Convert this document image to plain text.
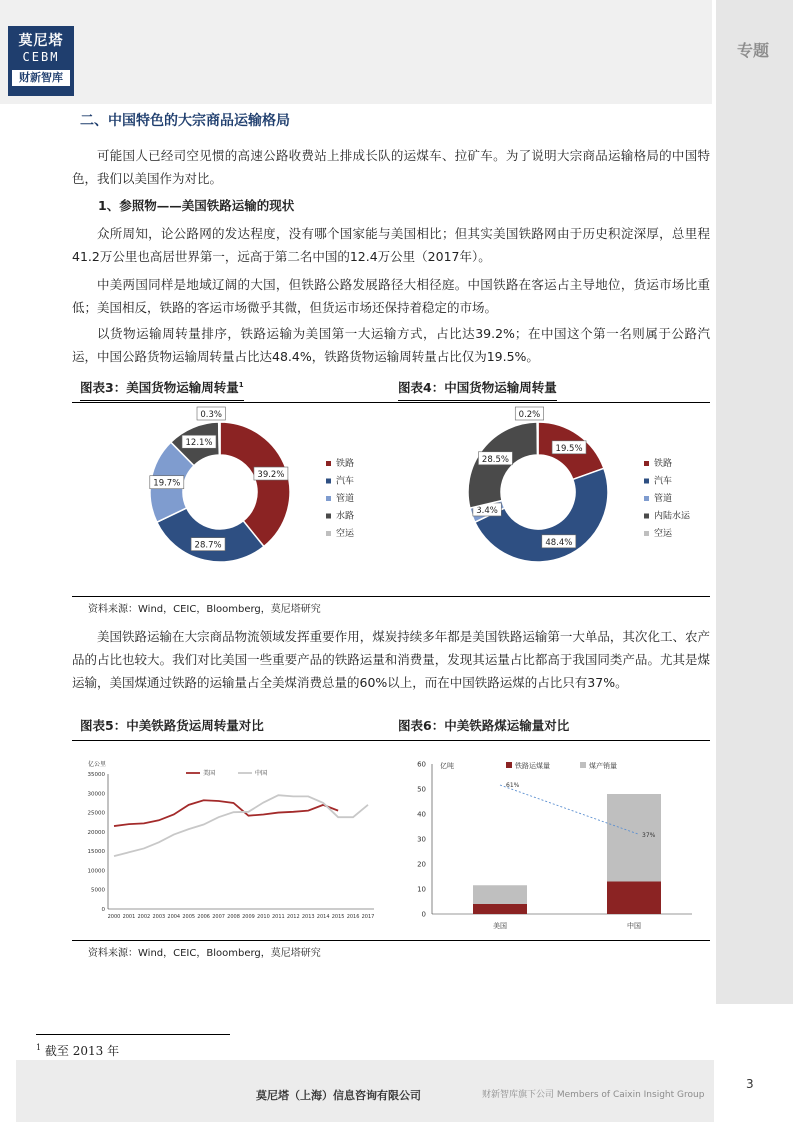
莫尼塔
CEBM
财新智库
专题
二、中国特色的大宗商品运输格局

可能国人已经司空见惯的高速公路收费站上排成长队的运煤车、拉矿车。为了说明大宗商品运输格局的中国特色，我们以美国作为对比。

1、参照物——美国铁路运输的现状

众所周知，论公路网的发达程度，没有哪个国家能与美国相比；但其实美国铁路网由于历史积淀深厚，总里程41.2万公里也高居世界第一，远高于第二名中国的12.4万公里（2017年）。

中美两国同样是地域辽阔的大国，但铁路公路发展路径大相径庭。中国铁路在客运占主导地位，货运市场比重低；美国相反，铁路的客运市场微乎其微，但货运市场还保持着稳定的市场。

以货物运输周转量排序，铁路运输为美国第一大运输方式，占比达39.2%；在中国这个第一名则属于公路汽运，中国公路货物运输周转量占比达48.4%，铁路货物运输周转量占比仅为19.5%。

图表3：美国货物运输周转量$^1$	图表4：中国货物运输周转量
39.2%
28.7%
19.7%
12.1%
0.3%
铁路
汽车
管道
水路
空运
19.5%
48.4%
3.4%
28.5%
0.2%
铁路
汽车
管道
内陆水运
空运
资料来源：Wind，CEIC，Bloomberg，莫尼塔研究

美国铁路运输在大宗商品物流领域发挥重要作用，煤炭持续多年都是美国铁路运输第一大单品，其次化工、农产品的占比也较大。我们对比美国一些重要产品的铁路运量和消费量，发现其运量占比都高于我国同类产品。尤其是煤运输，美国煤通过铁路的运输量占全美煤消费总量的60%以上，而在中国铁路运煤的占比只有37%。

图表5：中美铁路货运周转量对比	图表6：中美铁路煤运输量对比
亿公里
0
5000
10000
15000
20000
25000
30000
35000
2000 2001 2002 2003 2004 2005 2006 2007 2008 2009 2010 2011 2012 2013 2014 2015 2016 2017
美国	中国
亿吨
0
10
20
30
40
50
60
美国	中国
61%
37%
铁路运煤量	煤产销量
资料来源：Wind，CEIC，Bloomberg，莫尼塔研究
$^1$ 截至 2013 年
莫尼塔（上海）信息咨询有限公司	财新智库旗下公司 Members of Caixin Insight Group
3
